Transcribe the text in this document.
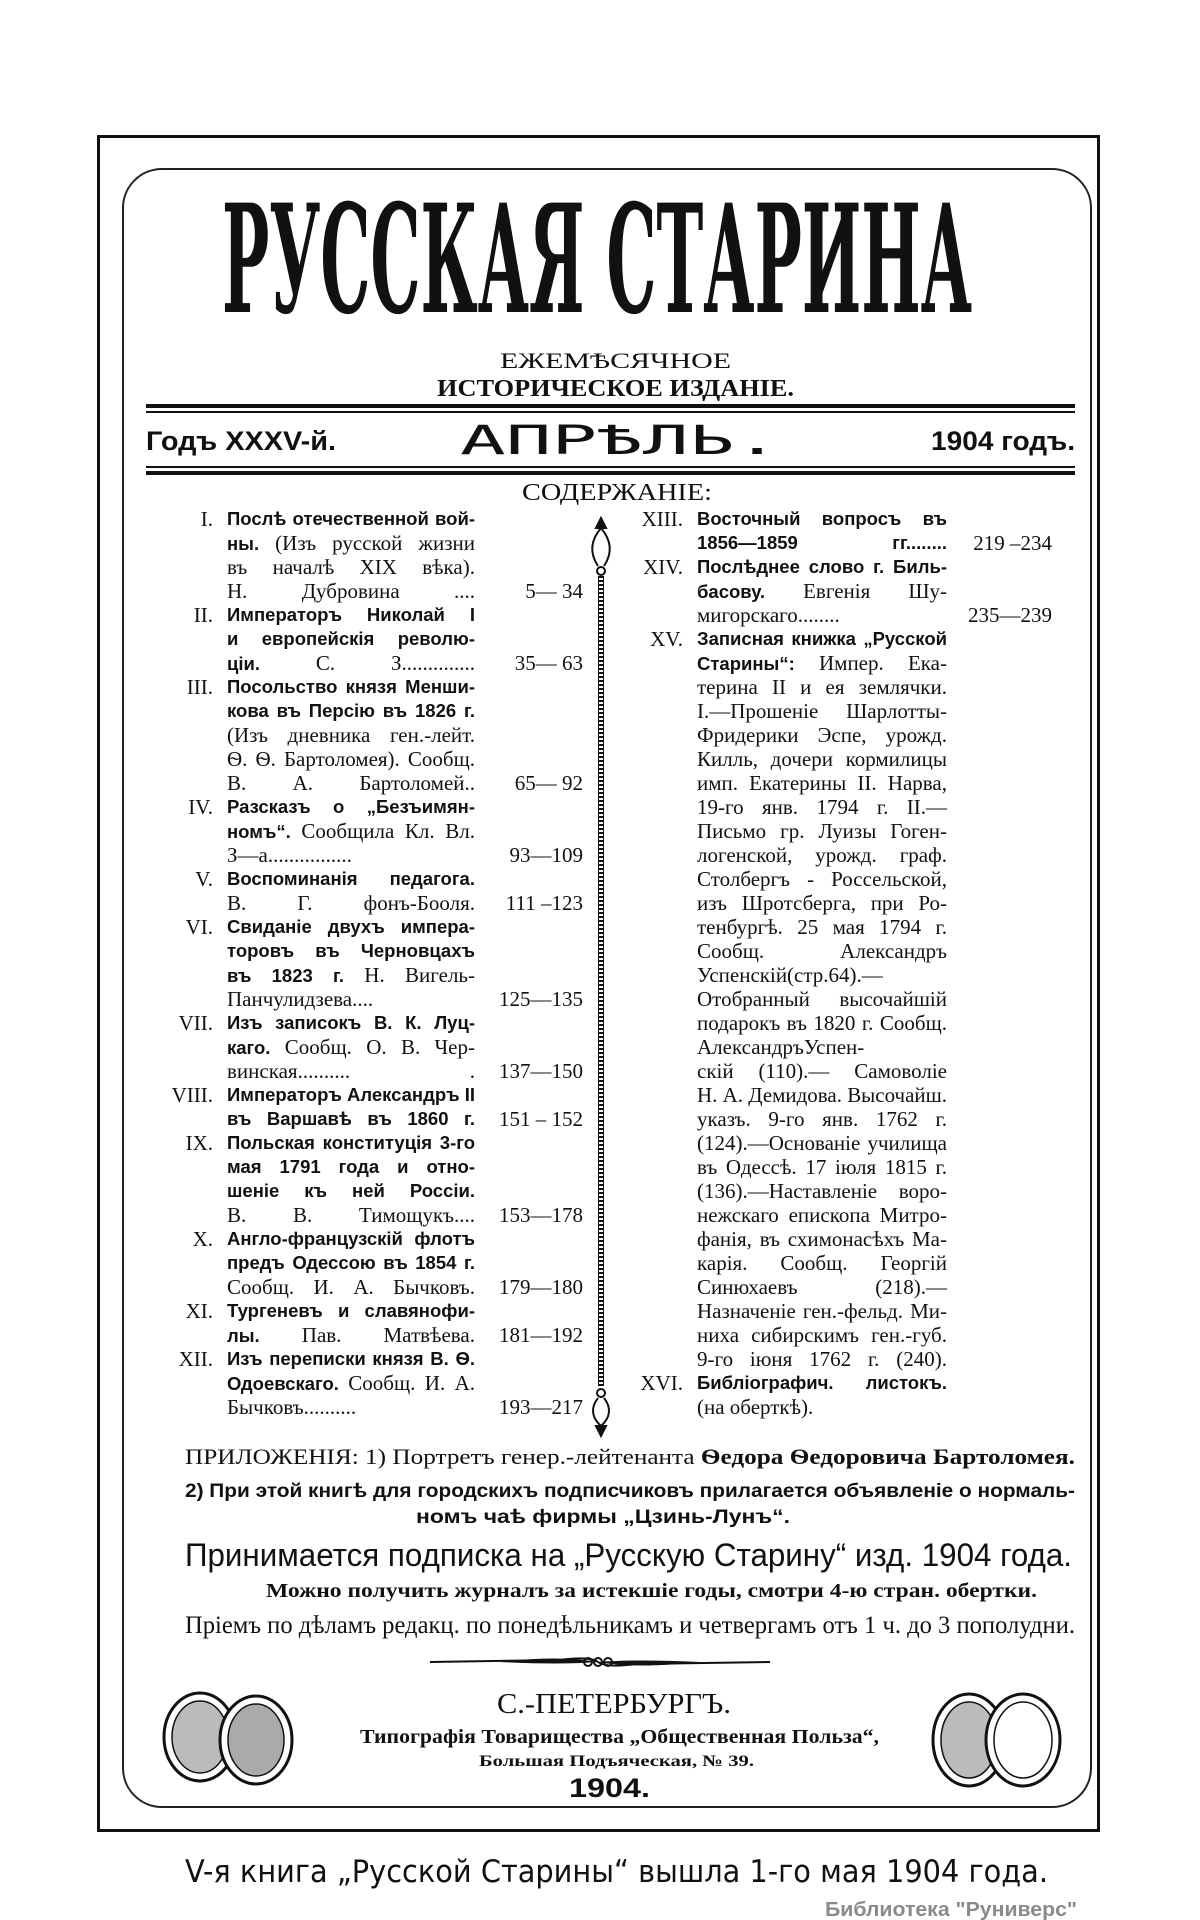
РУССКАЯ СТАРИНА
ЕЖЕМѢСЯЧНОЕ
ИСТОРИЧЕСКОЕ ИЗДАНIЕ.
Годъ XXXV-й.	АПРѢЛЬ.	1904 годъ.
СОДЕРЖАНIЕ:
ПРИЛОЖЕНIЯ: 1) Портретъ генер.-лейтенанта	Ѳедора Ѳедоровича Бартоломея.
2) При этой книгѣ для городскихъ подписчиковъ прилагается объявленіе о нормаль-
номъ чаѣ фирмы „Цзинь-Лунъ“.
Принимается подписка на „Русскую Старину“ изд. 1904 года.
Можно получить журналъ за истекшіе годы, смотри 4-ю стран. обертки.
Пріемъ по дѣламъ редакц. по понедѣльникамъ и четвергамъ отъ 1 ч. до 3 пополудни.
С.-ПЕТЕРБУРГЪ.
Типографія Товарищества „Общественная Польза“,
Большая Подъяческая, № 39.
1904.
V-я книга „Русской Старины“ вышла 1-го мая 1904 года.
Библиотека "Руниверс"
I. Послѣ отечественной вой-
ны. (Изъ русской жизни
въ началѣ XIX вѣка).
Н. Дубровина ....	5— 34
II. Императоръ Николай I
и европейскія револю-
ціи. С. З..............	35— 63
III. Посольство князя Менши-
кова въ Персію въ 1826 г.
(Изъ дневника ген.-лейт.
Ѳ. Ѳ. Бартоломея). Сообщ.
В. А. Бартоломей..	65— 92
IV. Разсказъ о „Безъимян-
номъ“. Сообщила Кл. Вл.
З—а................	93—109
V. Воспоминанія педагога.
В. Г. фонъ-Бооля.	111 –123
VI. Свиданіе двухъ импера-
торовъ въ Черновцахъ
въ 1823 г. Н. Вигель-
Панчулидзева....	125—135
VII. Изъ записокъ В. К. Луц-
каго. Сообщ. О. В. Чер-
винская.......... .	137—150
VIII. Императоръ Александръ II
въ Варшавѣ въ 1860 г.	151 – 152
IX. Польская конституція 3-го
мая 1791 года и отно-
шеніе къ ней Россіи.
В. В. Тимощукъ....	153—178
X. Англо-французскій флотъ
предъ Одессою въ 1854 г.
Сообщ. И. А. Бычковъ.	179—180
XI. Тургеневъ и славянофи-
лы. Пав. Матвѣева.	181—192
XII. Изъ переписки князя В. Ѳ.
Одоевскаго. Сообщ. И. А.
Бычковъ..........	193—217
XIII. Восточный вопросъ въ
1856—1859 гг........	219 –234
XIV. Послѣднее слово г. Биль-
басову. Евгенія Шу-
мигорскаго........	235—239
XV. Записная книжка „Русской
Старины“: Импер. Ека-
терина II и ея землячки.
I.—Прошеніе Шарлотты-
Фридерики Эспе, урожд.
Килль, дочери кормилицы
имп. Екатерины II. Нарва,
19-го янв. 1794 г. II.—
Письмо гр. Луизы Гоген-
логенской, урожд. граф.
Столбергъ - Россельской,
изъ Шротсберга, при Ро-
тенбургѣ. 25 мая 1794 г.
Сообщ. Александръ
Успенскій(стр.64).—
Отобранный высочайшій
подарокъ въ 1820 г. Сообщ.
АлександръУспен-
скій (110).— Самоволіе
Н. А. Демидова. Высочайш.
указъ. 9-го янв. 1762 г.
(124).—Основаніе училища
въ Одессѣ. 17 іюля 1815 г.
(136).—Наставленіе воро-
нежскаго епископа Митро-
фанія, въ схимонасѣхъ Ма-
карія. Сообщ. Георгій
Синюхаевъ (218).—
Назначеніе ген.-фельд. Ми-
ниха сибирскимъ ген.-губ.
9-го іюня 1762 г. (240).
XVI. Библіографич. листокъ.
(на оберткѣ).
